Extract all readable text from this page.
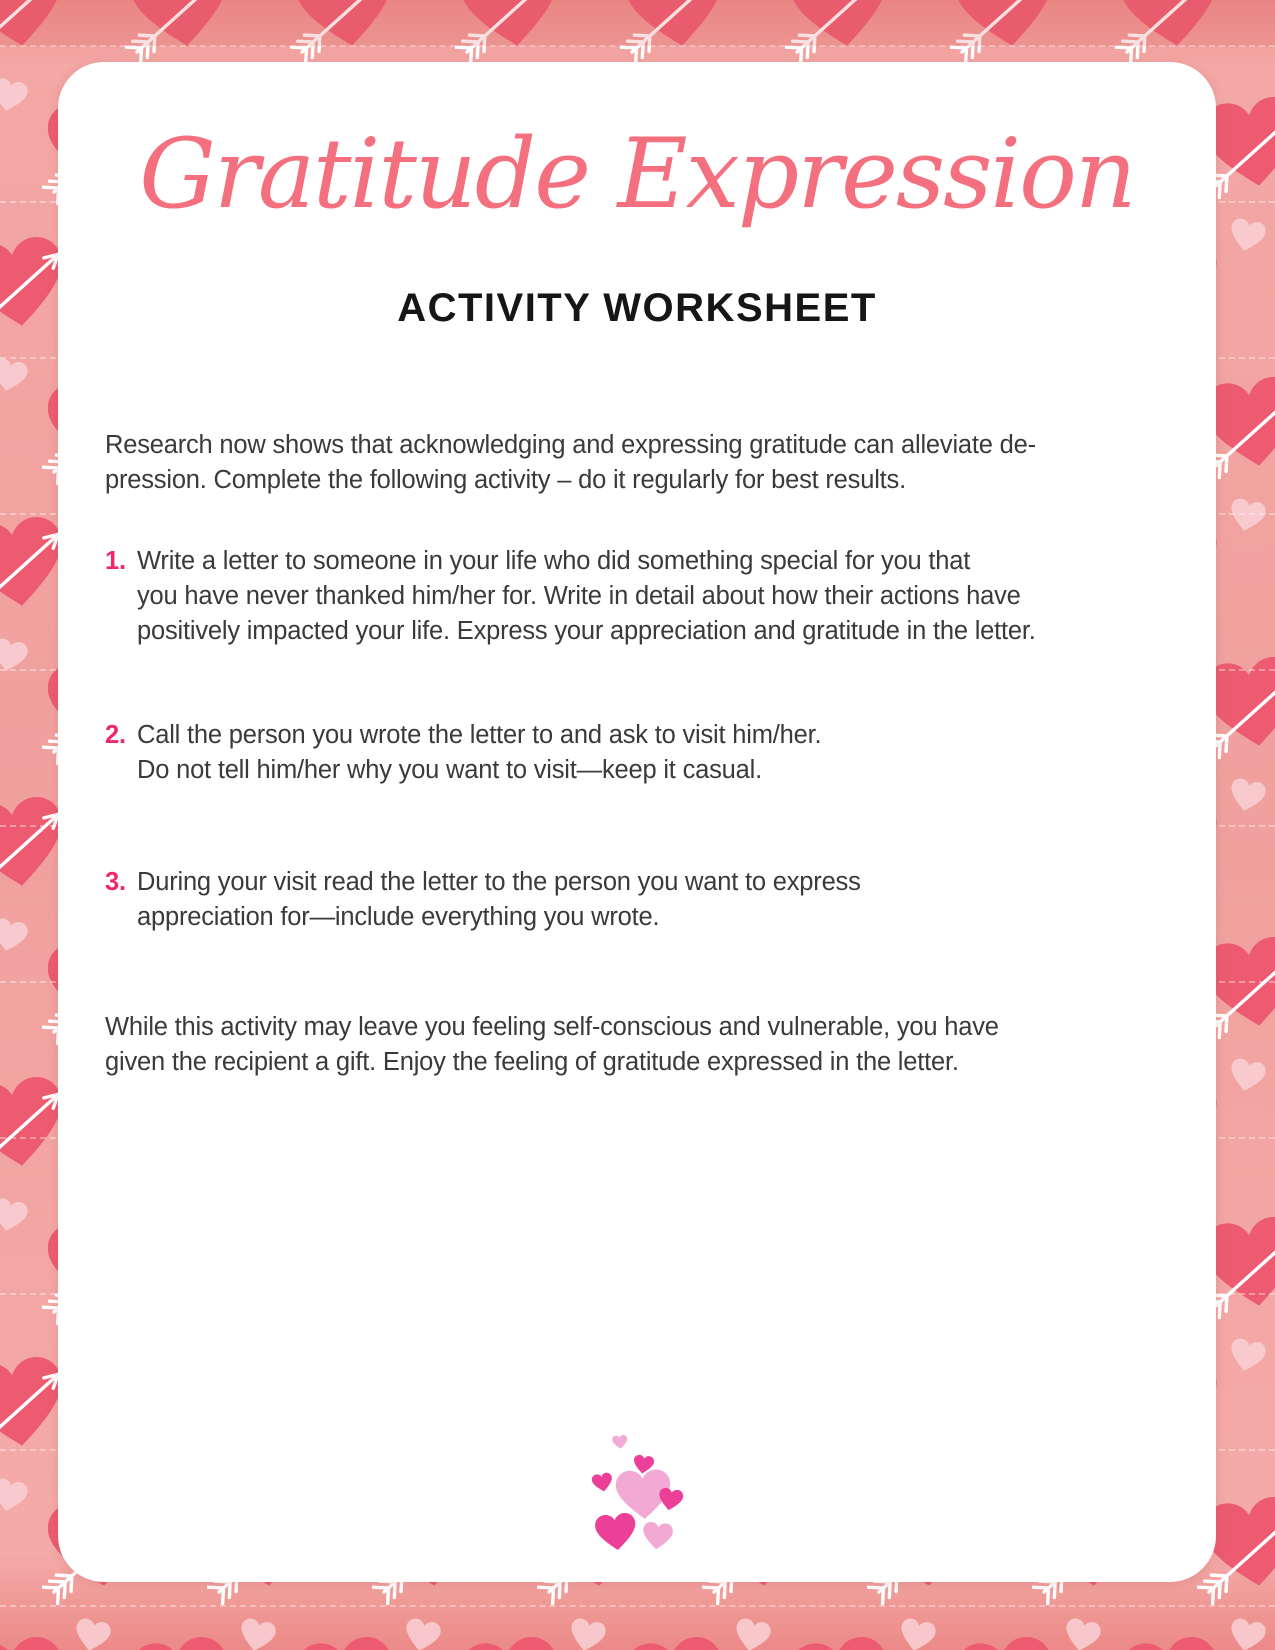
Gratitude Expression
ACTIVITY WORKSHEET

Research now shows that acknowledging and expressing gratitude can alleviate de-
pression. Complete the following activity – do it regularly for best results.

1. Write a letter to someone in your life who did something special for you that
you have never thanked him/her for. Write in detail about how their actions have
positively impacted your life. Express your appreciation and gratitude in the letter.
2. Call the person you wrote the letter to and ask to visit him/her.
Do not tell him/her why you want to visit—keep it casual.
3. During your visit read the letter to the person you want to express
appreciation for—include everything you wrote.

While this activity may leave you feeling self-conscious and vulnerable, you have
given the recipient a gift. Enjoy the feeling of gratitude expressed in the letter.
